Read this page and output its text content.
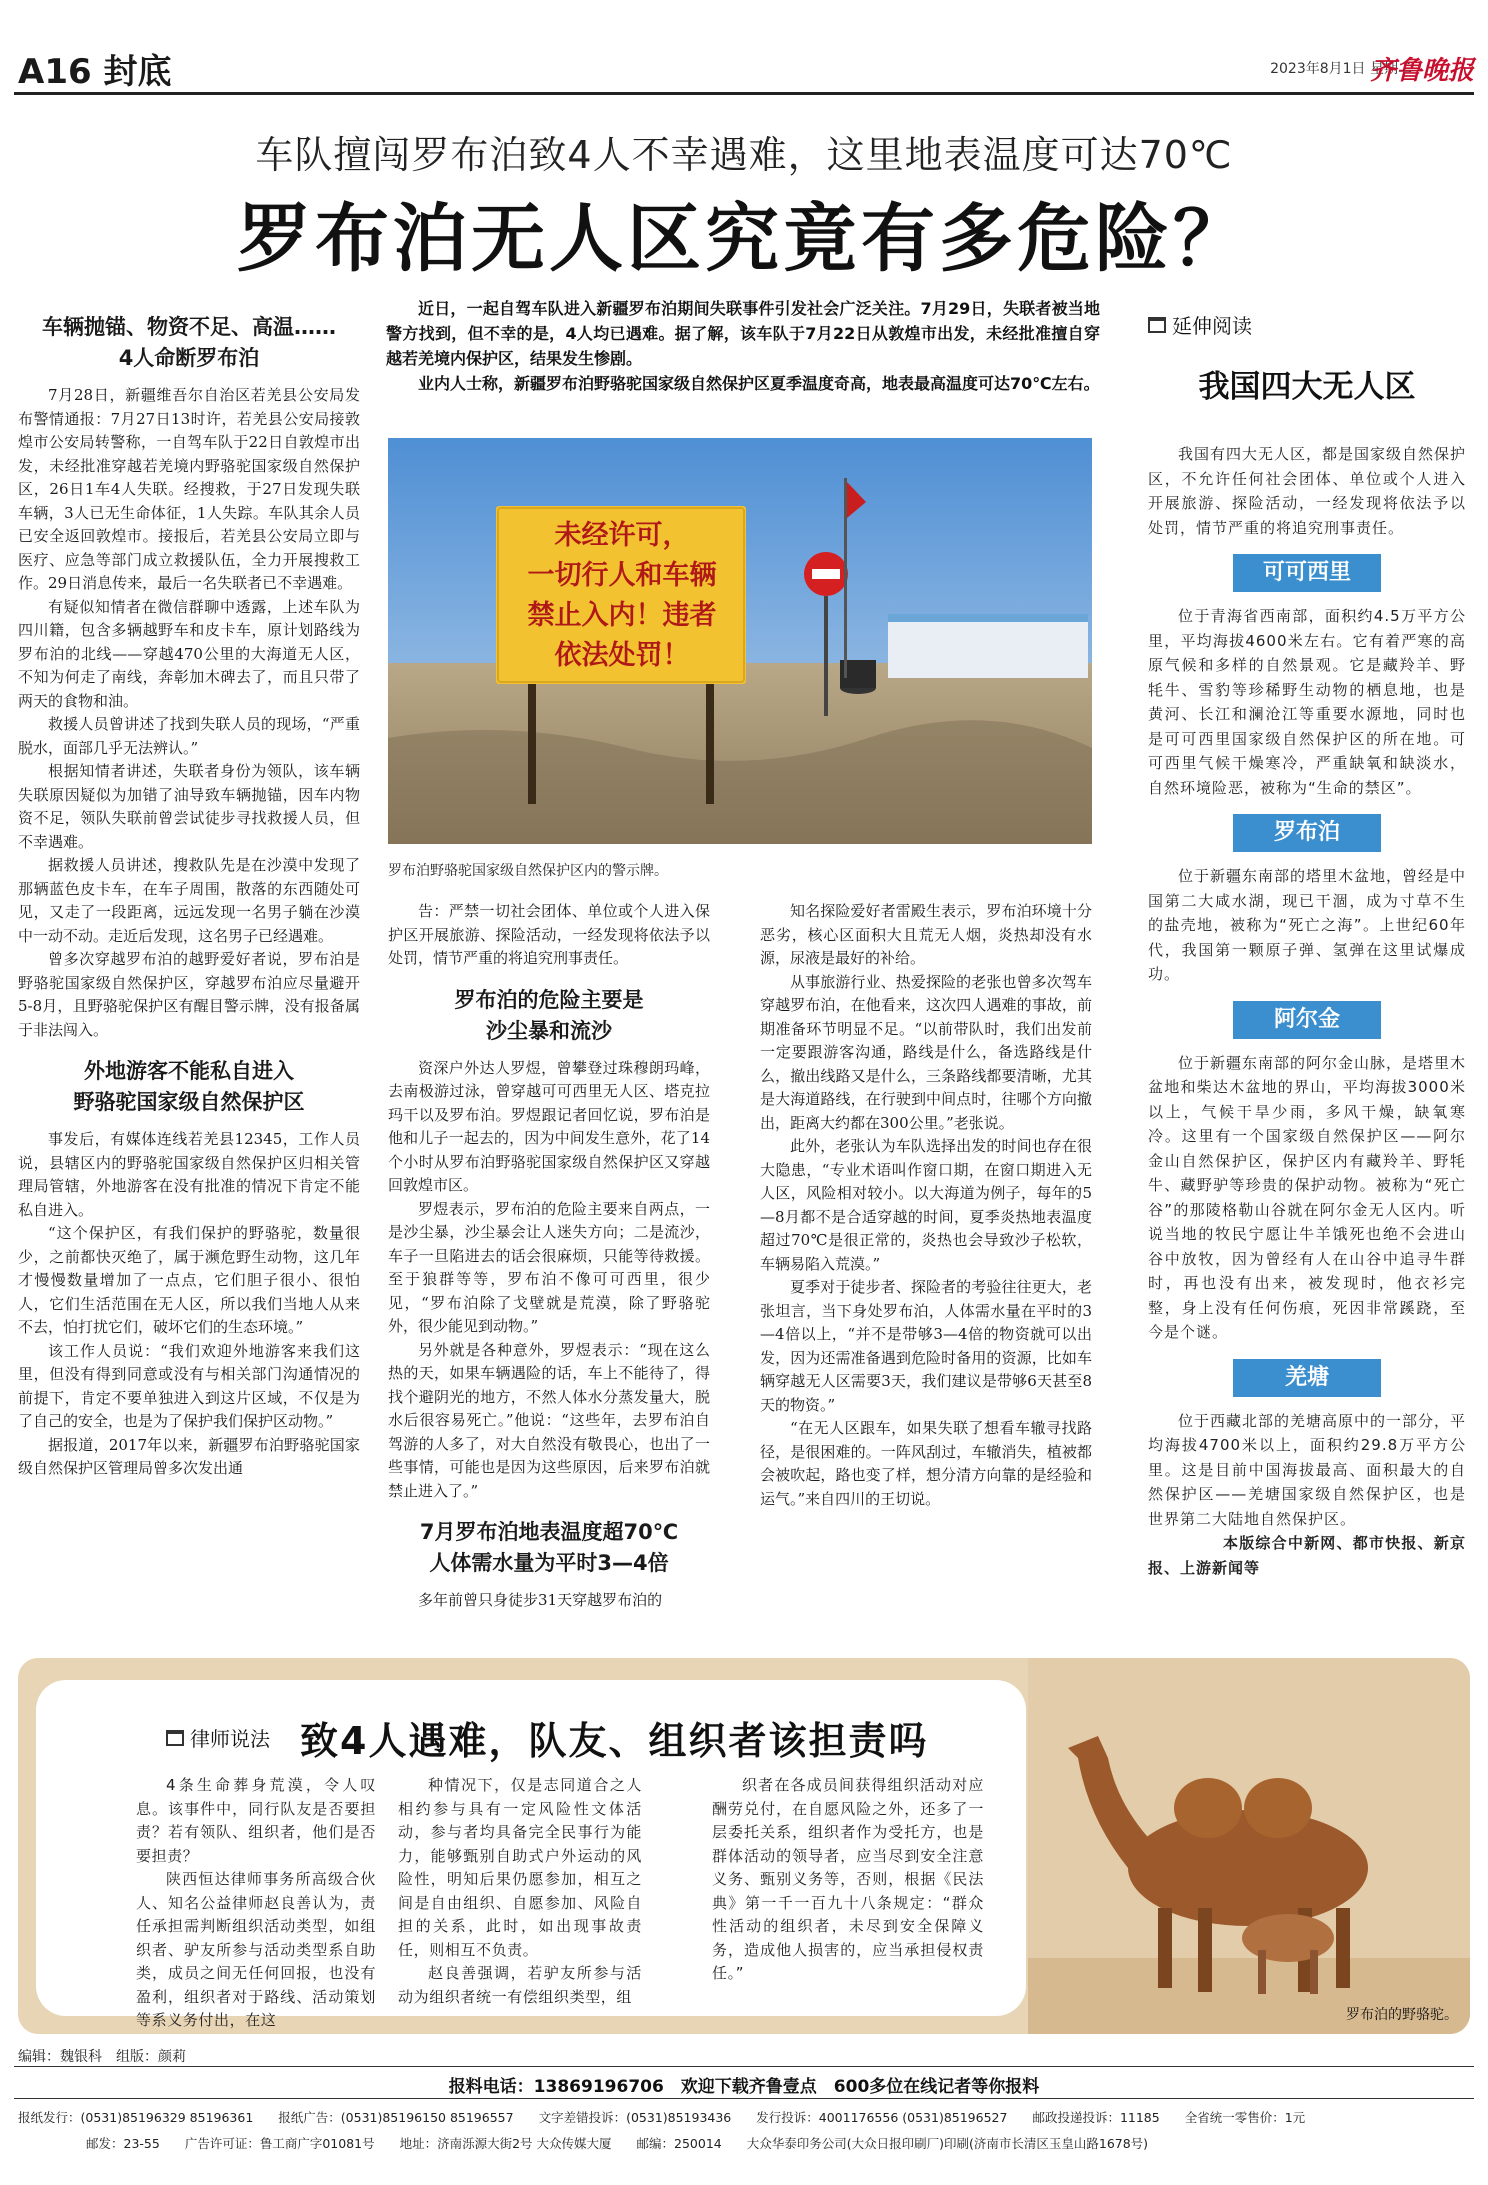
A16 封底	2023年8月1日 星期二
齐鲁晚报
车队擅闯罗布泊致4人不幸遇难，这里地表温度可达70℃
罗布泊无人区究竟有多危险？
车辆抛锚、物资不足、高温……
4人命断罗布泊

7月28日，新疆维吾尔自治区若羌县公安局发布警情通报：7月27日13时许，若羌县公安局接敦煌市公安局转警称，一自驾车队于22日自敦煌市出发，未经批准穿越若羌境内野骆驼国家级自然保护区，26日1车4人失联。经搜救，于27日发现失联车辆，3人已无生命体征，1人失踪。车队其余人员已安全返回敦煌市。接报后，若羌县公安局立即与医疗、应急等部门成立救援队伍，全力开展搜救工作。29日消息传来，最后一名失联者已不幸遇难。

有疑似知情者在微信群聊中透露，上述车队为四川籍，包含多辆越野车和皮卡车，原计划路线为罗布泊的北线——穿越470公里的大海道无人区，不知为何走了南线，奔彰加木碑去了，而且只带了两天的食物和油。

救援人员曾讲述了找到失联人员的现场，“严重脱水，面部几乎无法辨认。”

根据知情者讲述，失联者身份为领队，该车辆失联原因疑似为加错了油导致车辆抛锚，因车内物资不足，领队失联前曾尝试徒步寻找救援人员，但不幸遇难。

据救援人员讲述，搜救队先是在沙漠中发现了那辆蓝色皮卡车，在车子周围，散落的东西随处可见，又走了一段距离，远远发现一名男子躺在沙漠中一动不动。走近后发现，这名男子已经遇难。

曾多次穿越罗布泊的越野爱好者说，罗布泊是野骆驼国家级自然保护区，穿越罗布泊应尽量避开5-8月，且野骆驼保护区有醒目警示牌，没有报备属于非法闯入。

外地游客不能私自进入
野骆驼国家级自然保护区

事发后，有媒体连线若羌县12345，工作人员说，县辖区内的野骆驼国家级自然保护区归相关管理局管辖，外地游客在没有批准的情况下肯定不能私自进入。

“这个保护区，有我们保护的野骆驼，数量很少，之前都快灭绝了，属于濒危野生动物，这几年才慢慢数量增加了一点点，它们胆子很小、很怕人，它们生活范围在无人区，所以我们当地人从来不去，怕打扰它们，破坏它们的生态环境。”

该工作人员说：“我们欢迎外地游客来我们这里，但没有得到同意或没有与相关部门沟通情况的前提下，肯定不要单独进入到这片区域，不仅是为了自己的安全，也是为了保护我们保护区动物。”

据报道，2017年以来，新疆罗布泊野骆驼国家级自然保护区管理局曾多次发出通

近日，一起自驾车队进入新疆罗布泊期间失联事件引发社会广泛关注。7月29日，失联者被当地警方找到，但不幸的是，4人均已遇难。据了解，该车队于7月22日从敦煌市出发，未经批准擅自穿越若羌境内保护区，结果发生惨剧。

业内人士称，新疆罗布泊野骆驼国家级自然保护区夏季温度奇高，地表最高温度可达70℃左右。

未经许可，
一切行人和车辆
禁止入内！违者
依法处罚！
罗布泊野骆驼国家级自然保护区内的警示牌。

告：严禁一切社会团体、单位或个人进入保护区开展旅游、探险活动，一经发现将依法予以处罚，情节严重的将追究刑事责任。

罗布泊的危险主要是
沙尘暴和流沙

资深户外达人罗煜，曾攀登过珠穆朗玛峰，去南极游过泳，曾穿越可可西里无人区、塔克拉玛干以及罗布泊。罗煜跟记者回忆说，罗布泊是他和儿子一起去的，因为中间发生意外，花了14个小时从罗布泊野骆驼国家级自然保护区又穿越回敦煌市区。

罗煜表示，罗布泊的危险主要来自两点，一是沙尘暴，沙尘暴会让人迷失方向；二是流沙，车子一旦陷进去的话会很麻烦，只能等待救援。至于狼群等等，罗布泊不像可可西里，很少见，“罗布泊除了戈壁就是荒漠，除了野骆驼外，很少能见到动物。”

另外就是各种意外，罗煜表示：“现在这么热的天，如果车辆遇险的话，车上不能待了，得找个避阴光的地方，不然人体水分蒸发量大，脱水后很容易死亡。”他说：“这些年，去罗布泊自驾游的人多了，对大自然没有敬畏心，也出了一些事情，可能也是因为这些原因，后来罗布泊就禁止进入了。”

7月罗布泊地表温度超70℃
人体需水量为平时3—4倍

多年前曾只身徒步31天穿越罗布泊的

知名探险爱好者雷殿生表示，罗布泊环境十分恶劣，核心区面积大且荒无人烟，炎热却没有水源，尿液是最好的补给。

从事旅游行业、热爱探险的老张也曾多次驾车穿越罗布泊，在他看来，这次四人遇难的事故，前期准备环节明显不足。“以前带队时，我们出发前一定要跟游客沟通，路线是什么，备选路线是什么，撤出线路又是什么，三条路线都要清晰，尤其是大海道路线，在行驶到中间点时，往哪个方向撤出，距离大约都在300公里。”老张说。

此外，老张认为车队选择出发的时间也存在很大隐患，“专业术语叫作窗口期，在窗口期进入无人区，风险相对较小。以大海道为例子，每年的5—8月都不是合适穿越的时间，夏季炎热地表温度超过70℃是很正常的，炎热也会导致沙子松软，车辆易陷入荒漠。”

夏季对于徒步者、探险者的考验往往更大，老张坦言，当下身处罗布泊，人体需水量在平时的3—4倍以上，“并不是带够3—4倍的物资就可以出发，因为还需准备遇到危险时备用的资源，比如车辆穿越无人区需要3天，我们建议是带够6天甚至8天的物资。”

“在无人区跟车，如果失联了想看车辙寻找路径，是很困难的。一阵风刮过，车辙消失，植被都会被吹起，路也变了样，想分清方向靠的是经验和运气。”来自四川的王切说。

延伸阅读
我国四大无人区

我国有四大无人区，都是国家级自然保护区，不允许任何社会团体、单位或个人进入开展旅游、探险活动，一经发现将依法予以处罚，情节严重的将追究刑事责任。

可可西里

位于青海省西南部，面积约4.5万平方公里，平均海拔4600米左右。它有着严寒的高原气候和多样的自然景观。它是藏羚羊、野牦牛、雪豹等珍稀野生动物的栖息地，也是黄河、长江和澜沧江等重要水源地，同时也是可可西里国家级自然保护区的所在地。可可西里气候干燥寒冷，严重缺氧和缺淡水，自然环境险恶，被称为“生命的禁区”。

罗布泊

位于新疆东南部的塔里木盆地，曾经是中国第二大咸水湖，现已干涸，成为寸草不生的盐壳地，被称为“死亡之海”。上世纪60年代，我国第一颗原子弹、氢弹在这里试爆成功。

阿尔金

位于新疆东南部的阿尔金山脉，是塔里木盆地和柴达木盆地的界山，平均海拔3000米以上，气候干旱少雨，多风干燥，缺氧寒冷。这里有一个国家级自然保护区——阿尔金山自然保护区，保护区内有藏羚羊、野牦牛、藏野驴等珍贵的保护动物。被称为“死亡谷”的那陵格勒山谷就在阿尔金无人区内。听说当地的牧民宁愿让牛羊饿死也绝不会进山谷中放牧，因为曾经有人在山谷中追寻牛群时，再也没有出来，被发现时，他衣衫完整，身上没有任何伤痕，死因非常蹊跷，至今是个谜。

羌塘

位于西藏北部的羌塘高原中的一部分，平均海拔4700米以上，面积约29.8万平方公里。这是目前中国海拔最高、面积最大的自然保护区——羌塘国家级自然保护区，也是世界第二大陆地自然保护区。

本版综合中新网、都市快报、新京报、上游新闻等
律师说法 致4人遇难，队友、组织者该担责吗

4条生命葬身荒漠，令人叹息。该事件中，同行队友是否要担责？若有领队、组织者，他们是否要担责？

陕西恒达律师事务所高级合伙人、知名公益律师赵良善认为，责任承担需判断组织活动类型，如组织者、驴友所参与活动类型系自助类，成员之间无任何回报，也没有盈利，组织者对于路线、活动策划等系义务付出，在这

种情况下，仅是志同道合之人相约参与具有一定风险性文体活动，参与者均具备完全民事行为能力，能够甄别自助式户外运动的风险性，明知后果仍愿参加，相互之间是自由组织、自愿参加、风险自担的关系，此时，如出现事故责任，则相互不负责。

赵良善强调，若驴友所参与活动为组织者统一有偿组织类型，组

织者在各成员间获得组织活动对应酬劳兑付，在自愿风险之外，还多了一层委托关系，组织者作为受托方，也是群体活动的领导者，应当尽到安全注意义务、甄别义务等，否则，根据《民法典》第一千一百九十八条规定：“群众性活动的组织者，未尽到安全保障义务，造成他人损害的，应当承担侵权责任。”

罗布泊的野骆驼。
编辑：魏银科　组版：颜莉
报料电话：13869196706　欢迎下载齐鲁壹点　600多位在线记者等你报料
报纸发行：(0531)85196329 85196361　　报纸广告：(0531)85196150 85196557　　文字差错投诉：(0531)85193436　　发行投诉：4001176556 (0531)85196527　　邮政投递投诉：11185　　全省统一零售价：1元
邮发：23-55　　广告许可证：鲁工商广字01081号　　地址：济南泺源大街2号 大众传媒大厦　　邮编：250014　　大众华泰印务公司(大众日报印刷厂)印刷(济南市长清区玉皇山路1678号)
